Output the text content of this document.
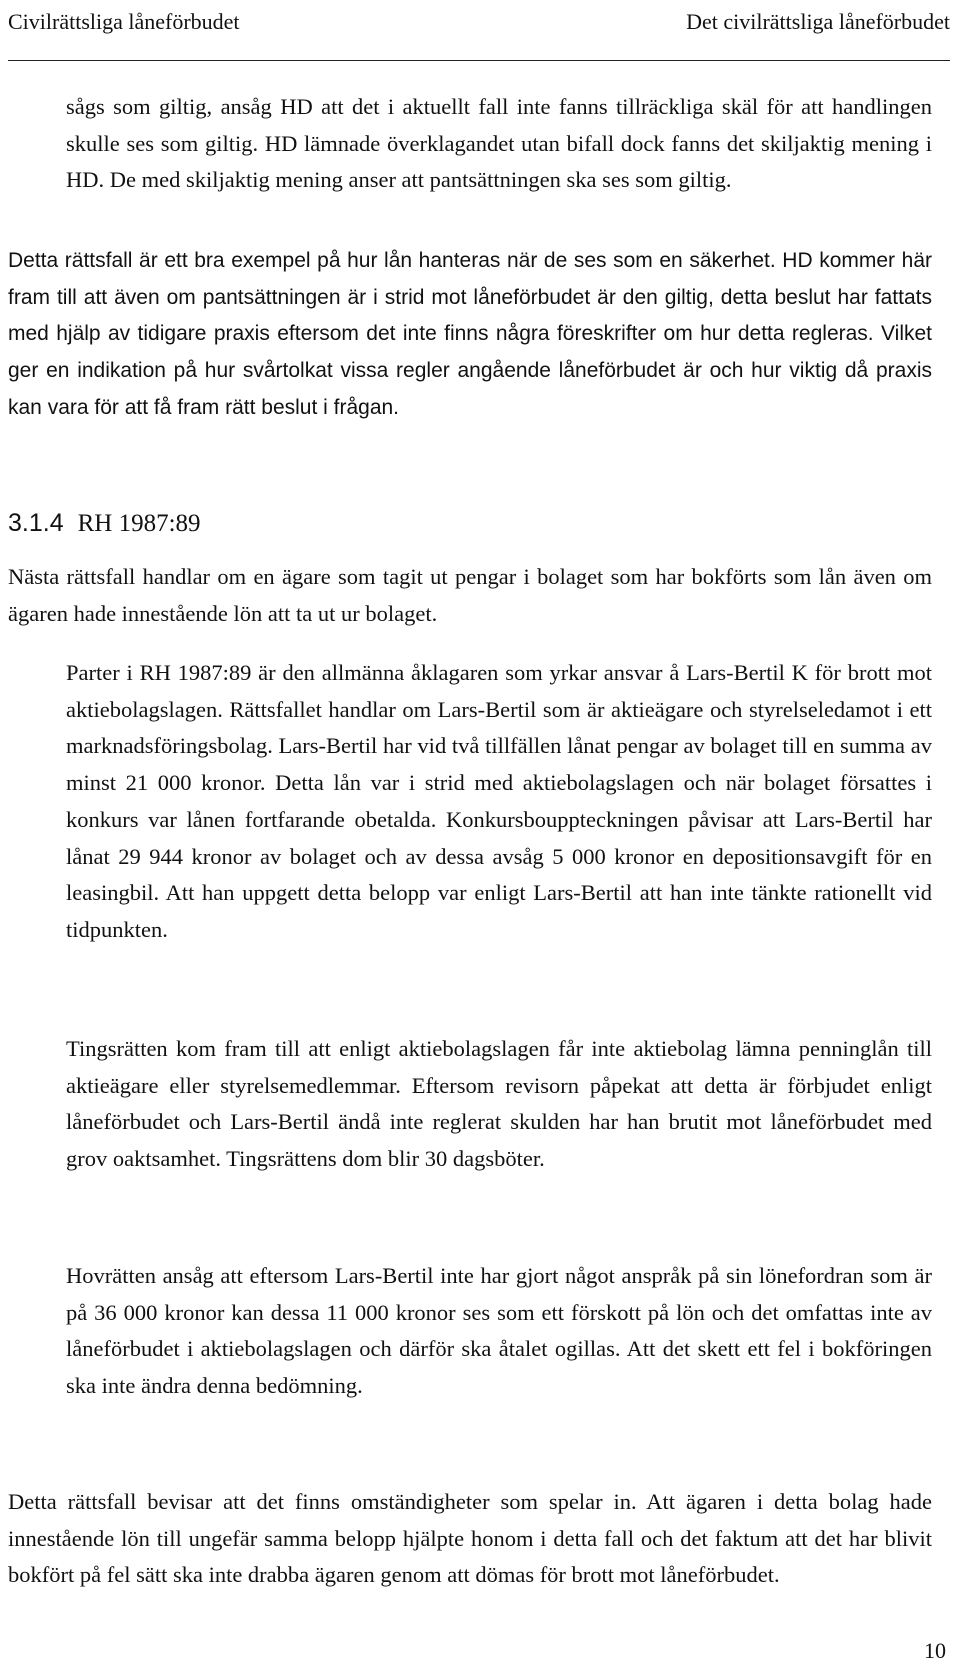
Civilrättsliga låneförbudet	Det civilrättsliga låneförbudet

sågs som giltig, ansåg HD att det i aktuellt fall inte fanns tillräckliga skäl för att handlingen skulle ses som giltig. HD lämnade överklagandet utan bifall dock fanns det skiljaktig mening i HD. De med skiljaktig mening anser att pantsättningen ska ses som giltig.

Detta rättsfall är ett bra exempel på hur lån hanteras när de ses som en säkerhet. HD kommer här fram till att även om pantsättningen är i strid mot låneförbudet är den giltig, detta beslut har fattats med hjälp av tidigare praxis eftersom det inte finns några föreskrifter om hur detta regleras. Vilket ger en indikation på hur svårtolkat vissa regler angående låneförbudet är och hur viktig då praxis kan vara för att få fram rätt beslut i frågan.

3.1.4 RH 1987:89

Nästa rättsfall handlar om en ägare som tagit ut pengar i bolaget som har bokförts som lån även om ägaren hade innestående lön att ta ut ur bolaget.

Parter i RH 1987:89 är den allmänna åklagaren som yrkar ansvar å Lars-Bertil K för brott mot aktiebolagslagen. Rättsfallet handlar om Lars-Bertil som är aktieägare och styrelseledamot i ett marknadsföringsbolag. Lars-Bertil har vid två tillfällen lånat pengar av bolaget till en summa av minst 21 000 kronor. Detta lån var i strid med aktiebolagslagen och när bolaget försattes i konkurs var lånen fortfarande obetalda. Konkursbouppteckningen påvisar att Lars-Bertil har lånat 29 944 kronor av bolaget och av dessa avsåg 5 000 kronor en depositionsavgift för en leasingbil. Att han uppgett detta belopp var enligt Lars-Bertil att han inte tänkte rationellt vid tidpunkten.

Tingsrätten kom fram till att enligt aktiebolagslagen får inte aktiebolag lämna penninglån till aktieägare eller styrelsemedlemmar. Eftersom revisorn påpekat att detta är förbjudet enligt låneförbudet och Lars-Bertil ändå inte reglerat skulden har han brutit mot låneförbudet med grov oaktsamhet. Tingsrättens dom blir 30 dagsböter.

Hovrätten ansåg att eftersom Lars-Bertil inte har gjort något anspråk på sin lönefordran som är på 36 000 kronor kan dessa 11 000 kronor ses som ett förskott på lön och det omfattas inte av låneförbudet i aktiebolagslagen och därför ska åtalet ogillas. Att det skett ett fel i bokföringen ska inte ändra denna bedömning.

Detta rättsfall bevisar att det finns omständigheter som spelar in. Att ägaren i detta bolag hade innestående lön till ungefär samma belopp hjälpte honom i detta fall och det faktum att det har blivit bokfört på fel sätt ska inte drabba ägaren genom att dömas för brott mot låneförbudet.

10
